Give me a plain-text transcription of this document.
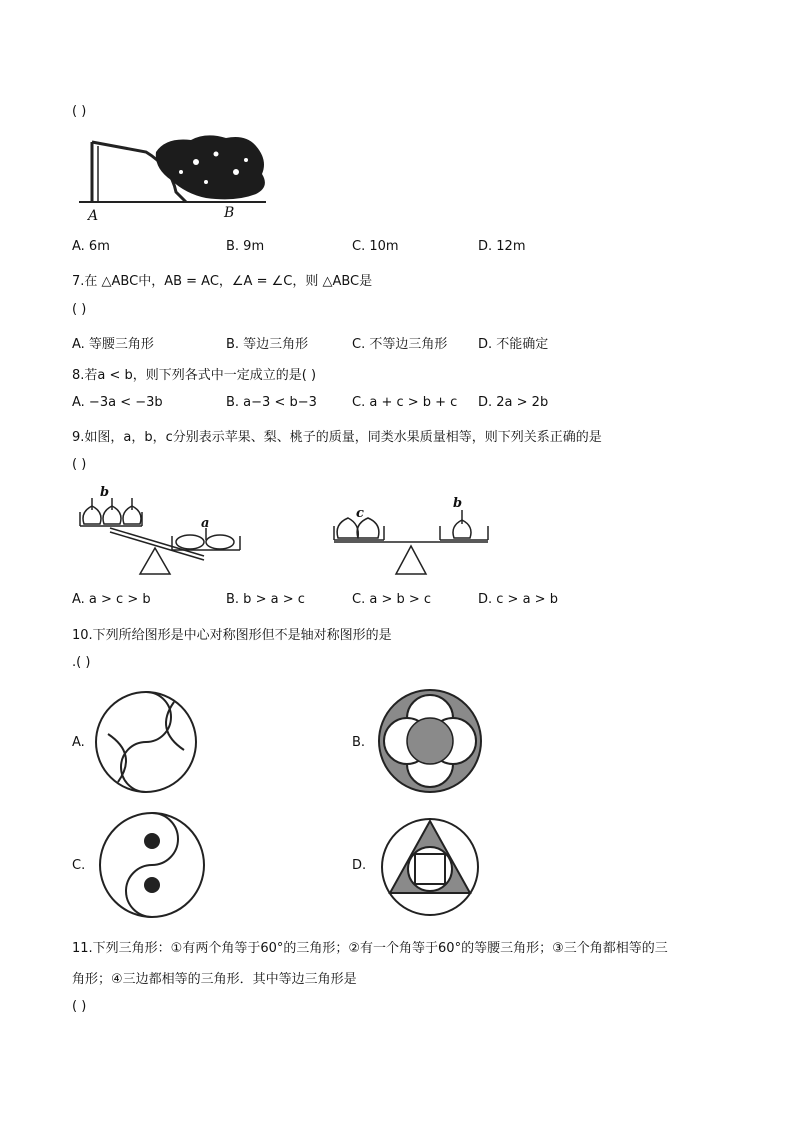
( )
A	B
A. 6m	B. 9m	C. 10m	D. 12m
7.在 △ABC中，AB = AC，∠A = ∠C，则 △ABC是
( )
A. 等腰三角形	B. 等边三角形	C. 不等边三角形 D. 不能确定
8.若a < b，则下列各式中一定成立的是( )
A. −3a < −3b	B. a−3 < b−3	C. a + c > b + c D. 2a > 2b
9.如图，a，b，c分别表示苹果、梨、桃子的质量，同类水果质量相等，则下列关系正确的是
( )
b
a
c
b
A. a > c > b	B. b > a > c	C. a > b > c	D. c > a > b
10.下列所给图形是中心对称图形但不是轴对称图形的是
.( )
A.	B.
C.	D.
11.下列三角形：①有两个角等于60°的三角形；②有一个角等于60°的等腰三角形；③三个角都相等的三
角形；④三边都相等的三角形．其中等边三角形是
( )
